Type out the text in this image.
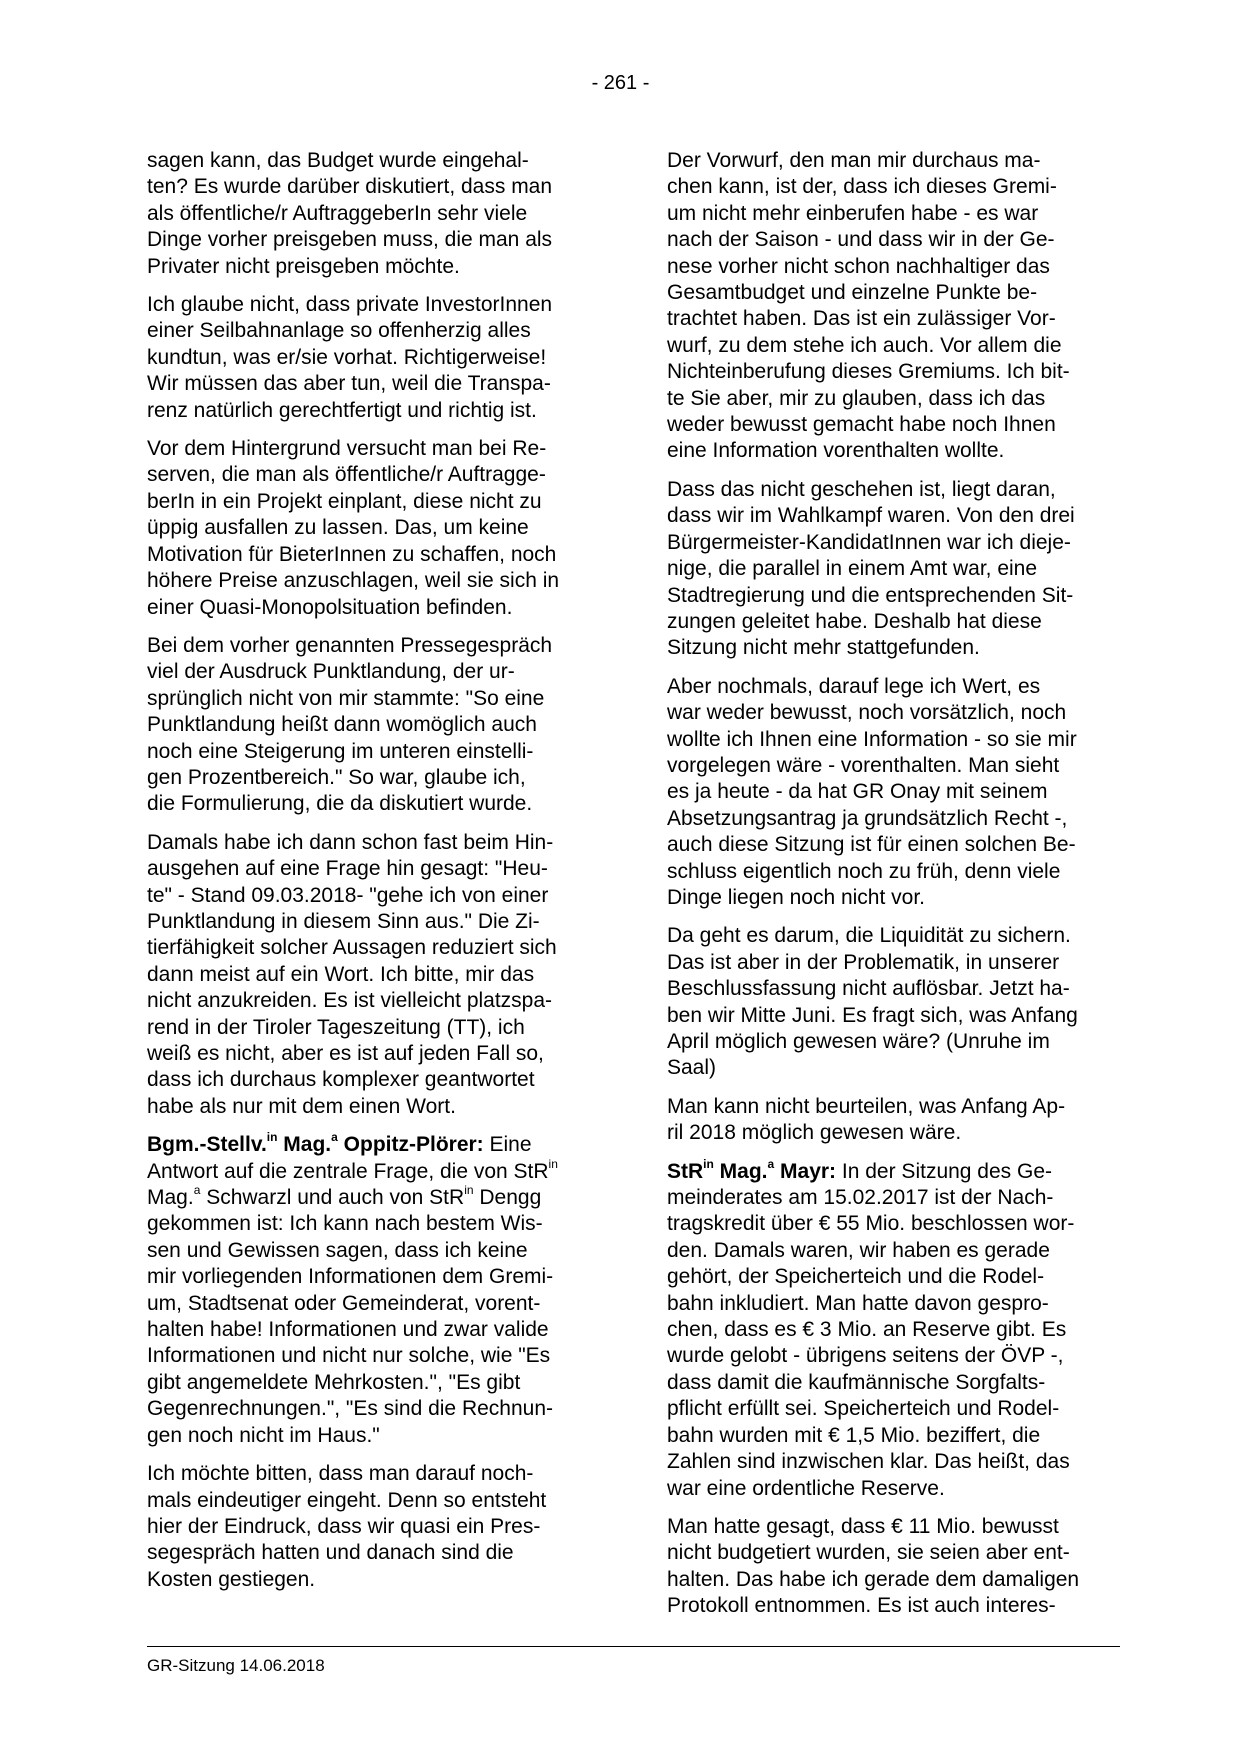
- 261 -

sagen kann, das Budget wurde eingehal-
ten? Es wurde darüber diskutiert, dass man
als öffentliche/r AuftraggeberIn sehr viele
Dinge vorher preisgeben muss, die man als
Privater nicht preisgeben möchte.

Ich glaube nicht, dass private InvestorInnen
einer Seilbahnanlage so offenherzig alles
kundtun, was er/sie vorhat. Richtigerweise!
Wir müssen das aber tun, weil die Transpa-
renz natürlich gerechtfertigt und richtig ist.

Vor dem Hintergrund versucht man bei Re-
serven, die man als öffentliche/r Auftragge-
berIn in ein Projekt einplant, diese nicht zu
üppig ausfallen zu lassen. Das, um keine
Motivation für BieterInnen zu schaffen, noch
höhere Preise anzuschlagen, weil sie sich in
einer Quasi-Monopolsituation befinden.

Bei dem vorher genannten Pressegespräch
viel der Ausdruck Punktlandung, der ur-
sprünglich nicht von mir stammte: "So eine
Punktlandung heißt dann womöglich auch
noch eine Steigerung im unteren einstelli-
gen Prozentbereich." So war, glaube ich,
die Formulierung, die da diskutiert wurde.

Damals habe ich dann schon fast beim Hin-
ausgehen auf eine Frage hin gesagt: "Heu-
te" - Stand 09.03.2018- "gehe ich von einer
Punktlandung in diesem Sinn aus." Die Zi-
tierfähigkeit solcher Aussagen reduziert sich
dann meist auf ein Wort. Ich bitte, mir das
nicht anzukreiden. Es ist vielleicht platzspa-
rend in der Tiroler Tageszeitung (TT), ich
weiß es nicht, aber es ist auf jeden Fall so,
dass ich durchaus komplexer geantwortet
habe als nur mit dem einen Wort.

Bgm.-Stellv.$^{in}$ Mag.$^a$ Oppitz-Plörer: Eine
Antwort auf die zentrale Frage, die von StR$^{in}$
Mag.$^a$ Schwarzl und auch von StR$^{in}$ Dengg
gekommen ist: Ich kann nach bestem Wis-
sen und Gewissen sagen, dass ich keine
mir vorliegenden Informationen dem Gremi-
um, Stadtsenat oder Gemeinderat, vorent-
halten habe! Informationen und zwar valide
Informationen und nicht nur solche, wie "Es
gibt angemeldete Mehrkosten.", "Es gibt
Gegenrechnungen.", "Es sind die Rechnun-
gen noch nicht im Haus."

Ich möchte bitten, dass man darauf noch-
mals eindeutiger eingeht. Denn so entsteht
hier der Eindruck, dass wir quasi ein Pres-
segespräch hatten und danach sind die
Kosten gestiegen.

Der Vorwurf, den man mir durchaus ma-
chen kann, ist der, dass ich dieses Gremi-
um nicht mehr einberufen habe - es war
nach der Saison - und dass wir in der Ge-
nese vorher nicht schon nachhaltiger das
Gesamtbudget und einzelne Punkte be-
trachtet haben. Das ist ein zulässiger Vor-
wurf, zu dem stehe ich auch. Vor allem die
Nichteinberufung dieses Gremiums. Ich bit-
te Sie aber, mir zu glauben, dass ich das
weder bewusst gemacht habe noch Ihnen
eine Information vorenthalten wollte.

Dass das nicht geschehen ist, liegt daran,
dass wir im Wahlkampf waren. Von den drei
Bürgermeister-KandidatInnen war ich dieje-
nige, die parallel in einem Amt war, eine
Stadtregierung und die entsprechenden Sit-
zungen geleitet habe. Deshalb hat diese
Sitzung nicht mehr stattgefunden.

Aber nochmals, darauf lege ich Wert, es
war weder bewusst, noch vorsätzlich, noch
wollte ich Ihnen eine Information - so sie mir
vorgelegen wäre - vorenthalten. Man sieht
es ja heute - da hat GR Onay mit seinem
Absetzungsantrag ja grundsätzlich Recht -,
auch diese Sitzung ist für einen solchen Be-
schluss eigentlich noch zu früh, denn viele
Dinge liegen noch nicht vor.

Da geht es darum, die Liquidität zu sichern.
Das ist aber in der Problematik, in unserer
Beschlussfassung nicht auflösbar. Jetzt ha-
ben wir Mitte Juni. Es fragt sich, was Anfang
April möglich gewesen wäre? (Unruhe im
Saal)

Man kann nicht beurteilen, was Anfang Ap-
ril 2018 möglich gewesen wäre.

StR$^{in}$ Mag.$^a$ Mayr: In der Sitzung des Ge-
meinderates am 15.02.2017 ist der Nach-
tragskredit über € 55 Mio. beschlossen wor-
den. Damals waren, wir haben es gerade
gehört, der Speicherteich und die Rodel-
bahn inkludiert. Man hatte davon gespro-
chen, dass es € 3 Mio. an Reserve gibt. Es
wurde gelobt - übrigens seitens der ÖVP -,
dass damit die kaufmännische Sorgfalts-
pflicht erfüllt sei. Speicherteich und Rodel-
bahn wurden mit € 1,5 Mio. beziffert, die
Zahlen sind inzwischen klar. Das heißt, das
war eine ordentliche Reserve.

Man hatte gesagt, dass € 11 Mio. bewusst
nicht budgetiert wurden, sie seien aber ent-
halten. Das habe ich gerade dem damaligen
Protokoll entnommen. Es ist auch interes-

GR-Sitzung 14.06.2018
